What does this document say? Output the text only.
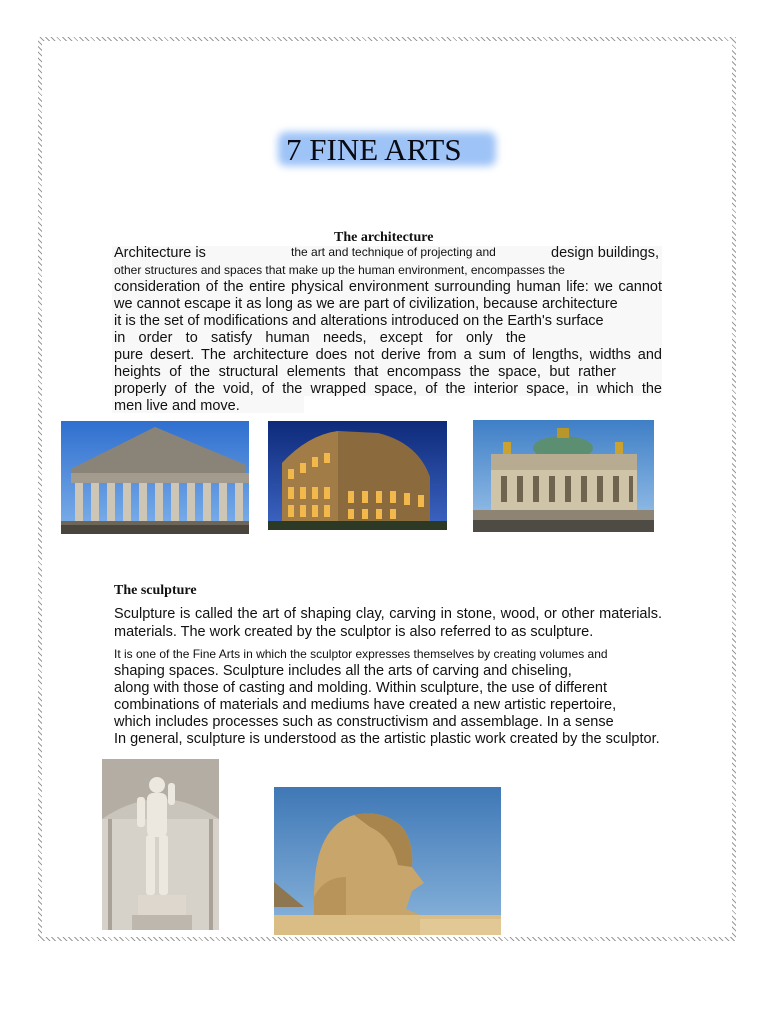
7 FINE ARTS
The architecture
Architecture is	the art and technique of projecting and	design buildings,
other structures and spaces that make up the human environment, encompasses the
consideration of the entire physical environment surrounding human life: we cannot
we cannot escape it as long as we are part of civilization, because architecture
it is the set of modifications and alterations introduced on the Earth's surface
in order to satisfy human needs, except for only the
pure desert. The architecture does not derive from a sum of lengths, widths and
heights of the structural elements that encompass the space, but rather
properly of the void, of the wrapped space, of the interior space, in which the
men live and move.
The sculpture
Sculpture is called the art of shaping clay, carving in stone, wood, or other materials.
materials. The work created by the sculptor is also referred to as sculpture.
It is one of the Fine Arts in which the sculptor expresses themselves by creating volumes and
shaping spaces. Sculpture includes all the arts of carving and chiseling,
along with those of casting and molding. Within sculpture, the use of different
combinations of materials and mediums have created a new artistic repertoire,
which includes processes such as constructivism and assemblage. In a sense
In general, sculpture is understood as the artistic plastic work created by the sculptor.
